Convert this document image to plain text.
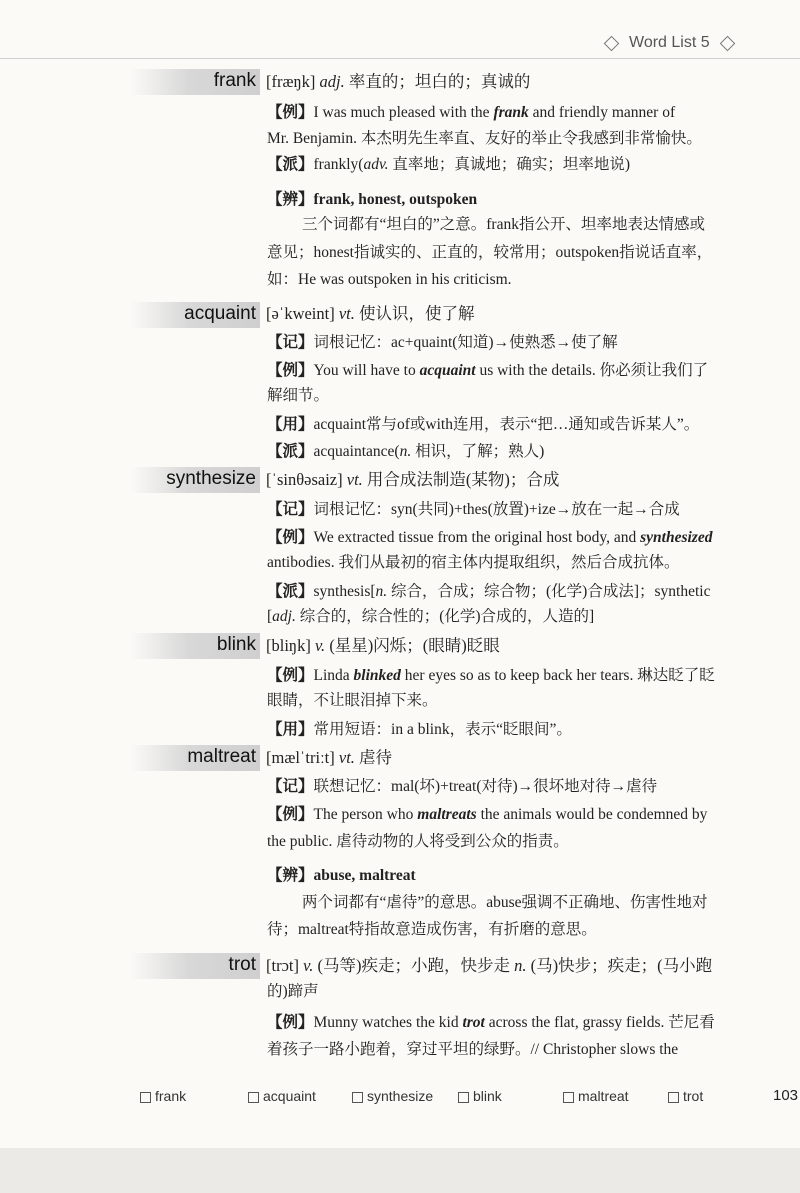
Word List 5
frank [fræŋk] adj. 率直的；坦白的；真诚的
【例】I was much pleased with the frank and friendly manner of
Mr. Benjamin. 本杰明先生率直、友好的举止令我感到非常愉快。
【派】frankly(adv. 直率地；真诚地；确实；坦率地说)
【辨】frank, honest, outspoken
三个词都有“坦白的”之意。frank指公开、坦率地表达情感或
意见；honest指诚实的、正直的，较常用；outspoken指说话直率，
如：He was outspoken in his criticism.
acquaint [əˈkweint] vt. 使认识，使了解
【记】词根记忆：ac+quaint(知道)→使熟悉→使了解
【例】You will have to acquaint us with the details. 你必须让我们了
解细节。
【用】acquaint常与of或with连用，表示“把…通知或告诉某人”。
【派】acquaintance(n. 相识，了解；熟人)
synthesize [ˈsinθəsaiz] vt. 用合成法制造(某物)；合成
【记】词根记忆：syn(共同)+thes(放置)+ize→放在一起→合成
【例】We extracted tissue from the original host body, and synthesized
antibodies. 我们从最初的宿主体内提取组织，然后合成抗体。
【派】synthesis[n. 综合，合成；综合物；(化学)合成法]；synthetic
[adj. 综合的，综合性的；(化学)合成的，人造的]
blink [bliŋk] v. (星星)闪烁；(眼睛)眨眼
【例】Linda blinked her eyes so as to keep back her tears. 琳达眨了眨
眼睛，不让眼泪掉下来。
【用】常用短语：in a blink，表示“眨眼间”。
maltreat [mælˈtriːt] vt. 虐待
【记】联想记忆：mal(坏)+treat(对待)→很坏地对待→虐待
【例】The person who maltreats the animals would be condemned by
the public. 虐待动物的人将受到公众的指责。
【辨】abuse, maltreat
两个词都有“虐待”的意思。abuse强调不正确地、伤害性地对
待；maltreat特指故意造成伤害，有折磨的意思。
trot [trɔt] v. (马等)疾走；小跑，快步走 n. (马)快步；疾走；(马小跑
的)蹄声
【例】Munny watches the kid trot across the flat, grassy fields. 芒尼看
着孩子一路小跑着，穿过平坦的绿野。// Christopher slows the
frank	acquaint	synthesize	blink	maltreat	trot	103
